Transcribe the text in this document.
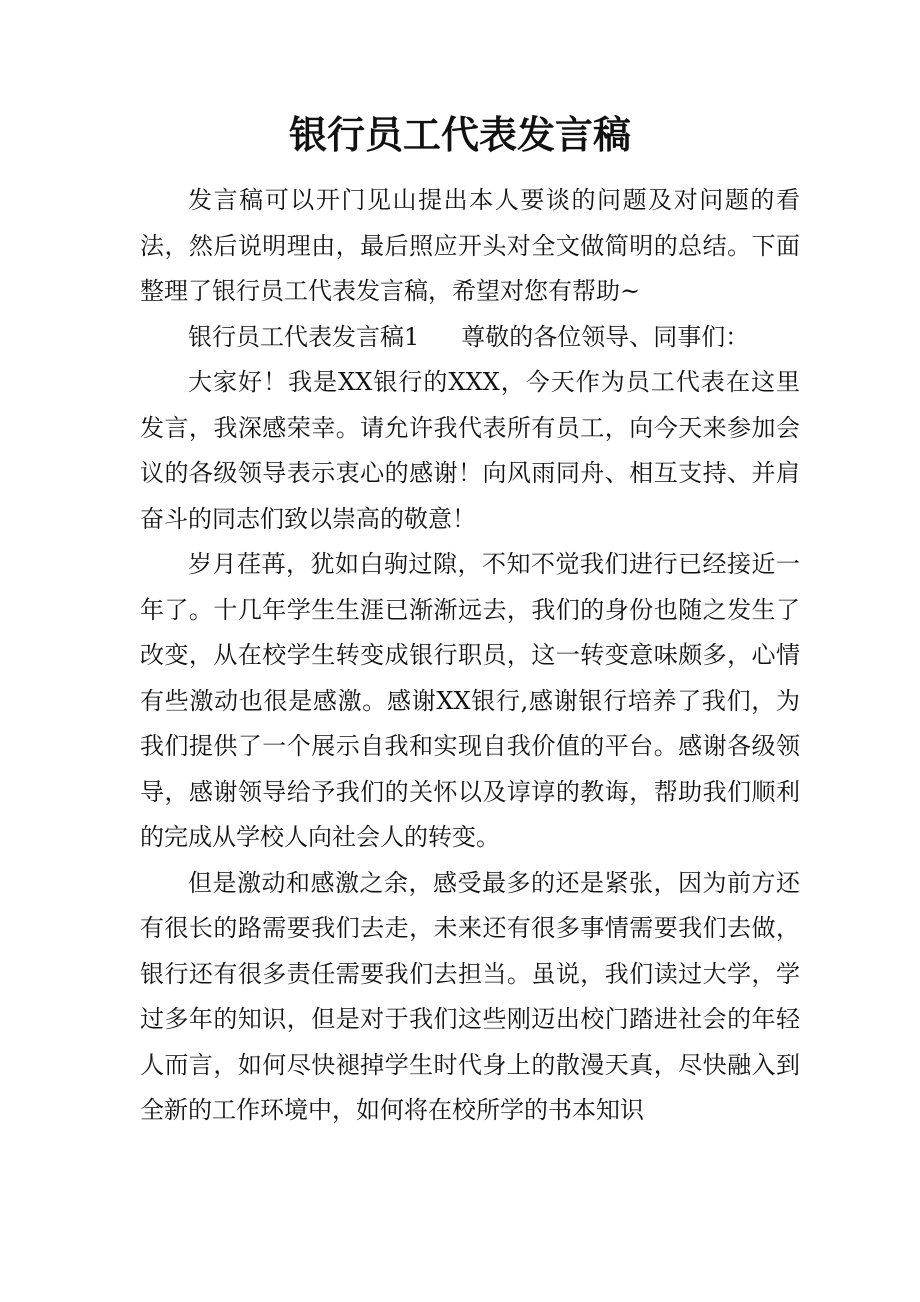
银行员工代表发言稿

发言稿可以开门见山提出本人要谈的问题及对问题的看法，然后说明理由，最后照应开头对全文做简明的总结。下面整理了银行员工代表发言稿，希望对您有帮助~

银行员工代表发言稿1 尊敬的各位领导、同事们：

大家好！我是XX银行的XXX，今天作为员工代表在这里发言，我深感荣幸。请允许我代表所有员工，向今天来参加会议的各级领导表示衷心的感谢！向风雨同舟、相互支持、并肩奋斗的同志们致以崇高的敬意！

岁月荏苒，犹如白驹过隙，不知不觉我们进行已经接近一年了。十几年学生生涯已渐渐远去，我们的身份也随之发生了改变，从在校学生转变成银行职员，这一转变意味颇多，心情有些激动也很是感激。感谢XX银行,感谢银行培养了我们，为我们提供了一个展示自我和实现自我价值的平台。感谢各级领导，感谢领导给予我们的关怀以及谆谆的教诲，帮助我们顺利的完成从学校人向社会人的转变。

但是激动和感激之余，感受最多的还是紧张，因为前方还有很长的路需要我们去走，未来还有很多事情需要我们去做，银行还有很多责任需要我们去担当。虽说，我们读过大学，学过多年的知识，但是对于我们这些刚迈出校门踏进社会的年轻人而言，如何尽快褪掉学生时代身上的散漫天真，尽快融入到全新的工作环境中，如何将在校所学的书本知识
